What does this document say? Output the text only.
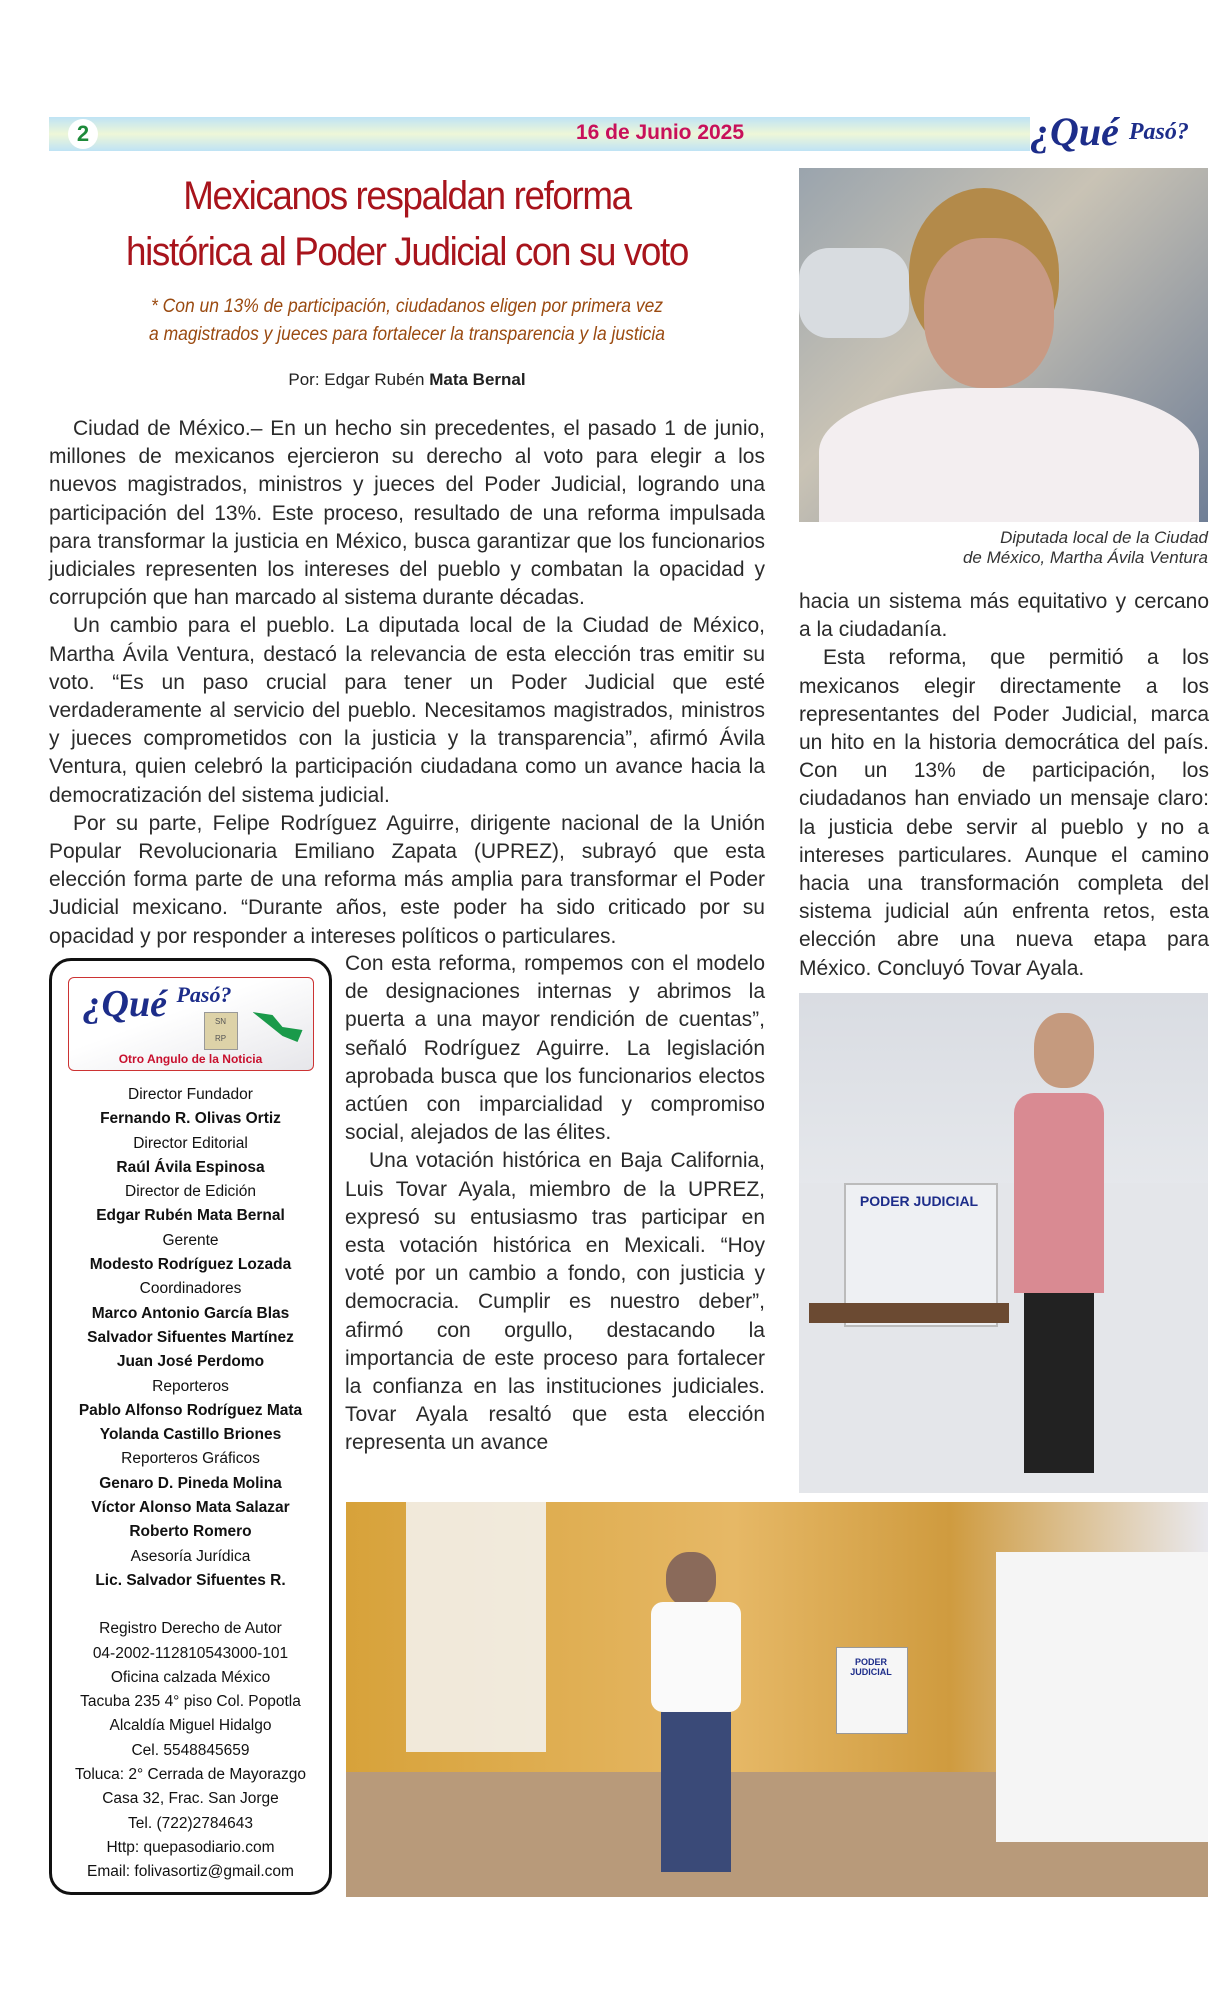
2	16 de Junio 2025	¿Qué $^{Pasó?}$
Mexicanos respaldan reforma
histórica al Poder Judicial con su voto
* Con un 13% de participación, ciudadanos eligen por primera vez
a magistrados y jueces para fortalecer la transparencia y la justicia
Por: Edgar Rubén Mata Bernal

Ciudad de México.– En un hecho sin precedentes, el pasado 1 de junio, millones de mexicanos ejercieron su derecho al voto para elegir a los nuevos magistrados, ministros y jueces del Poder Judicial, logrando una participación del 13%. Este proceso, resultado de una reforma impulsada para transformar la justicia en México, busca garantizar que los funcionarios judiciales representen los intereses del pueblo y combatan la opacidad y corrupción que han marcado al sistema durante décadas.

Un cambio para el pueblo. La diputada local de la Ciudad de México, Martha Ávila Ventura, destacó la relevancia de esta elección tras emitir su voto. “Es un paso crucial para tener un Poder Judicial que esté verdaderamente al servicio del pueblo. Necesitamos magistrados, ministros y jueces comprometidos con la justicia y la transparencia”, afirmó Ávila Ventura, quien celebró la participación ciudadana como un avance hacia la democratización del sistema judicial.

Por su parte, Felipe Rodríguez Aguirre, dirigente nacional de la Unión Popular Revolucionaria Emiliano Zapata (UPREZ), subrayó que esta elección forma parte de una reforma más amplia para transformar el Poder Judicial mexicano. “Durante años, este poder ha sido criticado por su opacidad y por responder a intereses políticos o particulares.

Con esta reforma, rompemos con el modelo de designaciones internas y abrimos la puerta a una mayor rendición de cuentas”, señaló Rodríguez Aguirre. La legislación aprobada busca que los funcionarios electos actúen con imparcialidad y compromiso social, alejados de las élites.

Una votación histórica en Baja California, Luis Tovar Ayala, miembro de la UPREZ, expresó su entusiasmo tras participar en esta votación histórica en Mexicali. “Hoy voté por un cambio a fondo, con justicia y democracia. Cumplir es nuestro deber”, afirmó con orgullo, destacando la importancia de este proceso para fortalecer la confianza en las instituciones judiciales. Tovar Ayala resaltó que esta elección representa un avance

hacia un sistema más equitativo y cercano a la ciudadanía.

Esta reforma, que permitió a los mexicanos elegir directamente a los representantes del Poder Judicial, marca un hito en la historia democrática del país. Con un 13% de participación, los ciudadanos han enviado un mensaje claro: la justicia debe servir al pueblo y no a intereses particulares. Aunque el camino hacia una transformación completa del sistema judicial aún enfrenta retos, esta elección abre una nueva etapa para México. Concluyó Tovar Ayala.

Diputada local de la Ciudad
de México, Martha Ávila Ventura
PODER JUDICIAL
PODER JUDICIAL
¿Qué $^{Pasó?}$
SN
RP
Otro Angulo de la Noticia
Director Fundador
Fernando R. Olivas Ortiz
Director Editorial
Raúl Ávila Espinosa
Director de Edición
Edgar Rubén Mata Bernal
Gerente
Modesto Rodríguez Lozada
Coordinadores
Marco Antonio García Blas
Salvador Sifuentes Martínez
Juan José Perdomo
Reporteros
Pablo Alfonso Rodríguez Mata
Yolanda Castillo Briones
Reporteros Gráficos
Genaro D. Pineda Molina
Víctor Alonso Mata Salazar
Roberto Romero
Asesoría Jurídica
Lic. Salvador Sifuentes R.
Registro Derecho de Autor
04-2002-112810543000-101
Oficina calzada México
Tacuba 235 4° piso Col. Popotla
Alcaldía Miguel Hidalgo
Cel. 5548845659
Toluca: 2° Cerrada de Mayorazgo
Casa 32, Frac. San Jorge
Tel. (722)2784643
Http: quepasodiario.com
Email: folivasortiz@gmail.com
